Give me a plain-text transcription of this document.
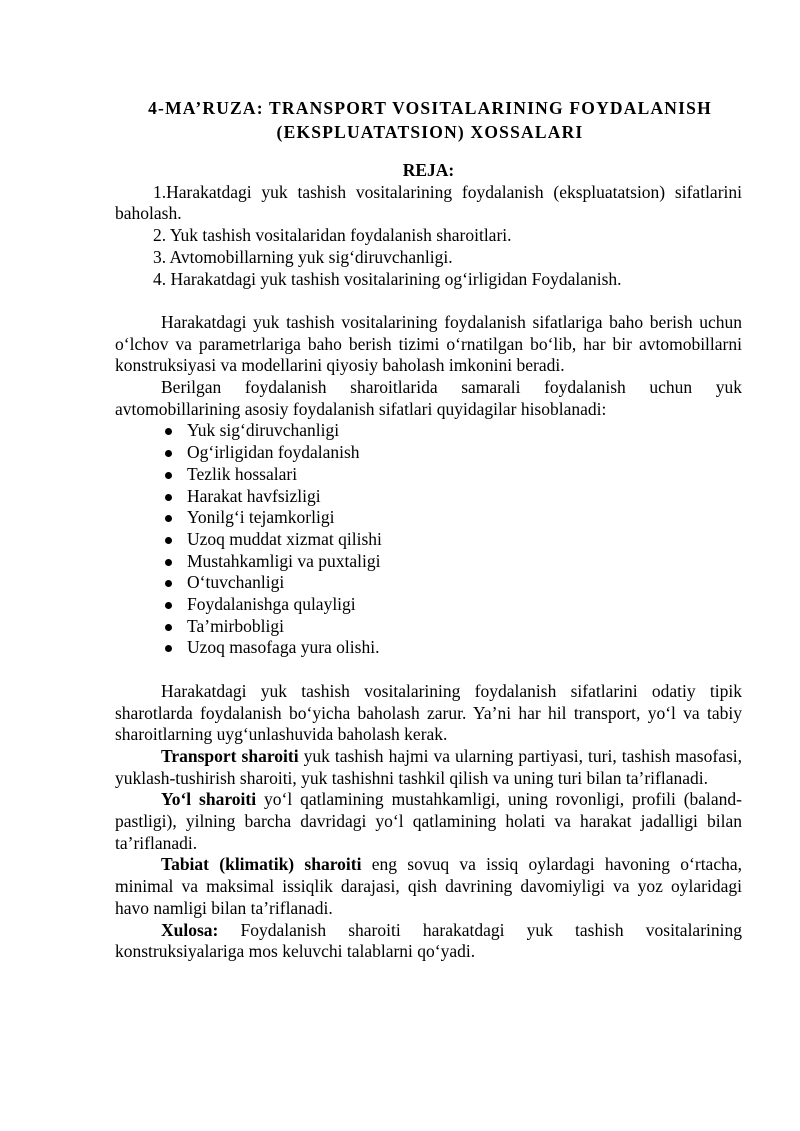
4-MA’RUZA: TRANSPORT VOSITALARINING FOYDALANISH
(EKSPLUATATSION) XOSSALARI

REJA:

1.Harakatdagi yuk tashish vositalarining foydalanish (ekspluatatsion) sifatlarini baholash.

2. Yuk tashish vositalaridan foydalanish sharoitlari.

3. Avtomobillarning yuk sig‘diruvchanligi.

4. Harakatdagi yuk tashish vositalarining og‘irligidan Foydalanish.

Harakatdagi yuk tashish vositalarining foydalanish sifatlariga baho berish uchun o‘lchov va parametrlariga baho berish tizimi o‘rnatilgan bo‘lib, har bir avtomobillarni konstruksiyasi va modellarini qiyosiy baholash imkonini beradi.

Berilgan foydalanish sharoitlarida samarali foydalanish uchun yuk avtomobillarining asosiy foydalanish sifatlari quyidagilar hisoblanadi:

Yuk sig‘diruvchanligi
Og‘irligidan foydalanish
Tezlik hossalari
Harakat havfsizligi
Yonilg‘i tejamkorligi
Uzoq muddat xizmat qilishi
Mustahkamligi va puxtaligi
O‘tuvchanligi
Foydalanishga qulayligi
Ta’mirbobligi
Uzoq masofaga yura olishi.

Harakatdagi yuk tashish vositalarining foydalanish sifatlarini odatiy tipik sharotlarda foydalanish bo‘yicha baholash zarur. Ya’ni har hil transport, yo‘l va tabiy sharoitlarning uyg‘unlashuvida baholash kerak.

Transport sharoiti yuk tashish hajmi va ularning partiyasi, turi, tashish masofasi, yuklash-tushirish sharoiti, yuk tashishni tashkil qilish va uning turi bilan ta’riflanadi.

Yo‘l sharoiti yo‘l qatlamining mustahkamligi, uning rovonligi, profili (baland-pastligi), yilning barcha davridagi yo‘l qatlamining holati va harakat jadalligi bilan ta’riflanadi.

Tabiat (klimatik) sharoiti eng sovuq va issiq oylardagi havoning o‘rtacha, minimal va maksimal issiqlik darajasi, qish davrining davomiyligi va yoz oylaridagi havo namligi bilan ta’riflanadi.

Xulosa: Foydalanish sharoiti harakatdagi yuk tashish vositalarining konstruksiyalariga mos keluvchi talablarni qo‘yadi.
